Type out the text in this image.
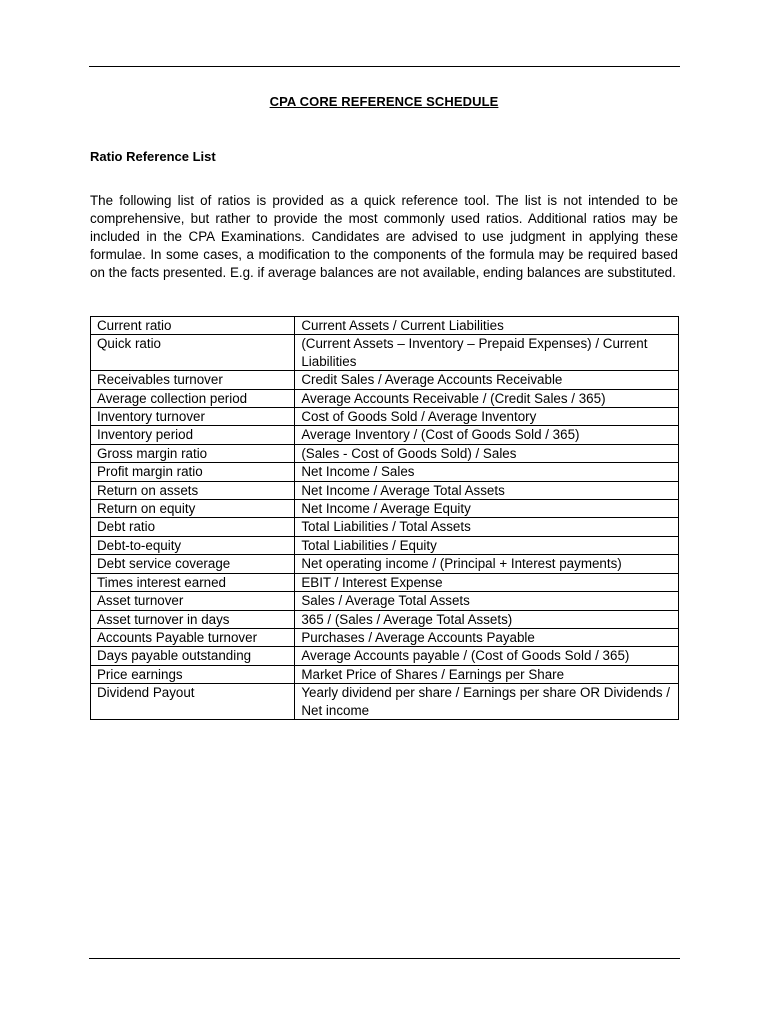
CPA CORE REFERENCE SCHEDULE
Ratio Reference List

The following list of ratios is provided as a quick reference tool. The list is not intended to be comprehensive, but rather to provide the most commonly used ratios. Additional ratios may be included in the CPA Examinations. Candidates are advised to use judgment in applying these formulae. In some cases, a modification to the components of the formula may be required based on the facts presented. E.g. if average balances are not available, ending balances are substituted.

Current ratio	Current Assets / Current Liabilities
Quick ratio	(Current Assets – Inventory – Prepaid Expenses) / Current Liabilities
Receivables turnover	Credit Sales / Average Accounts Receivable
Average collection period	Average Accounts Receivable / (Credit Sales / 365)
Inventory turnover	Cost of Goods Sold / Average Inventory
Inventory period	Average Inventory / (Cost of Goods Sold / 365)
Gross margin ratio	(Sales - Cost of Goods Sold) / Sales
Profit margin ratio	Net Income / Sales
Return on assets	Net Income / Average Total Assets
Return on equity	Net Income / Average Equity
Debt ratio	Total Liabilities / Total Assets
Debt-to-equity	Total Liabilities / Equity
Debt service coverage	Net operating income / (Principal + Interest payments)
Times interest earned	EBIT / Interest Expense
Asset turnover	Sales / Average Total Assets
Asset turnover in days	365 / (Sales / Average Total Assets)
Accounts Payable turnover	Purchases / Average Accounts Payable
Days payable outstanding	Average Accounts payable / (Cost of Goods Sold / 365)
Price earnings	Market Price of Shares / Earnings per Share
Dividend Payout	Yearly dividend per share / Earnings per share OR Dividends / Net income
